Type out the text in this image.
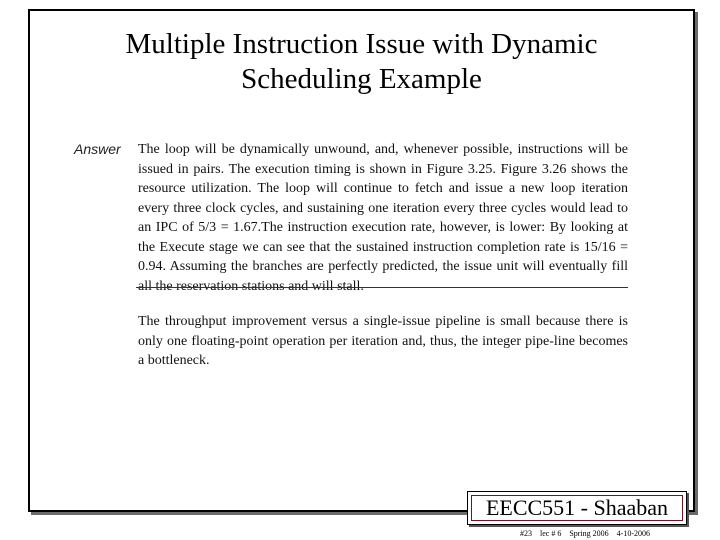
Multiple Instruction Issue with Dynamic
Scheduling Example
Answer The loop will be dynamically unwound, and, whenever possible, instructions will be issued in pairs. The execution timing is shown in Figure 3.25. Figure 3.26 shows the resource utilization. The loop will continue to fetch and issue a new loop iteration every three clock cycles, and sustaining one iteration every three cycles would lead to an IPC of 5/3 = 1.67.The instruction execution rate, however, is lower: By looking at the Execute stage we can see that the sustained instruction completion rate is 15/16 = 0.94. Assuming the branches are perfectly predicted, the issue unit will eventually fill all the reservation stations and will stall.
The throughput improvement versus a single-issue pipeline is small because there is only one floating-point operation per iteration and, thus, the integer pipe-line becomes a bottleneck.
EECC551 - Shaaban
#23 lec # 6 Spring 2006 4-10-2006
